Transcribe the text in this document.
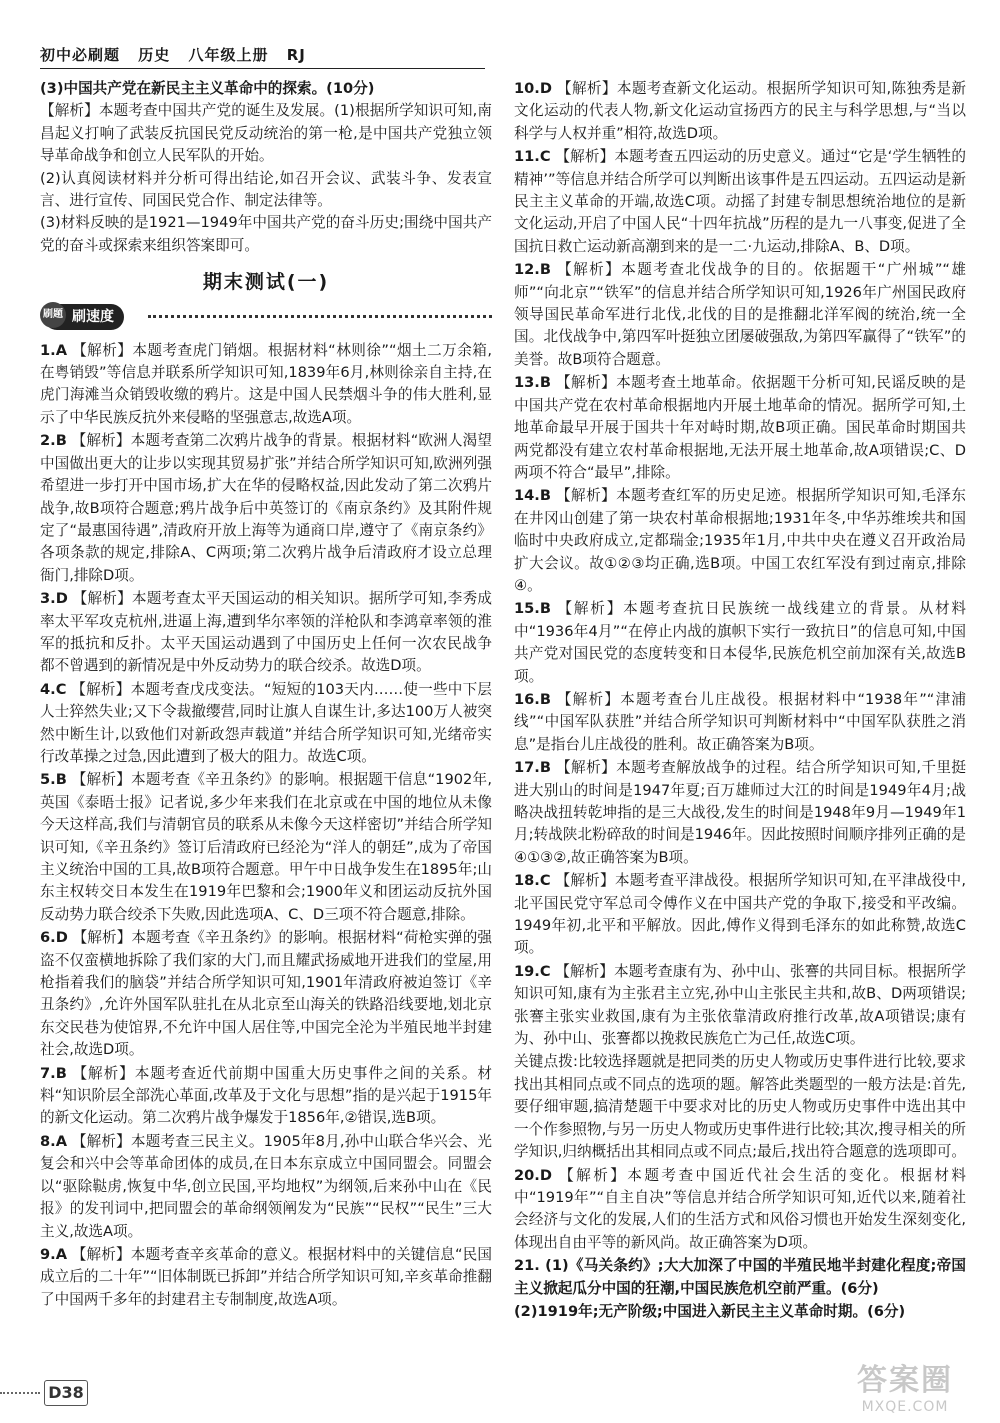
初中必刷题 历史 八年级上册 RJ

(3)中国共产党在新民主主义革命中的探索。(10分)

【解析】本题考查中国共产党的诞生及发展。(1)根据所学知识可知,南昌起义打响了武装反抗国民党反动统治的第一枪,是中国共产党独立领导革命战争和创立人民军队的开始。

(2)认真阅读材料并分析可得出结论,如召开会议、武装斗争、发表宣言、进行宣传、同国民党合作、制定法律等。

(3)材料反映的是1921—1949年中国共产党的奋斗历史;围绕中国共产党的奋斗或探索来组织答案即可。

期末测试(一)
刷速度
刷题

1.A 【解析】本题考查虎门销烟。根据材料“林则徐”“烟土二万余箱,在粤销毁”等信息并联系所学知识可知,1839年6月,林则徐亲自主持,在虎门海滩当众销毁收缴的鸦片。这是中国人民禁烟斗争的伟大胜利,显示了中华民族反抗外来侵略的坚强意志,故选A项。

2.B 【解析】本题考查第二次鸦片战争的背景。根据材料“欧洲人渴望中国做出更大的让步以实现其贸易扩张”并结合所学知识可知,欧洲列强希望进一步打开中国市场,扩大在华的侵略权益,因此发动了第二次鸦片战争,故B项符合题意;鸦片战争后中英签订的《南京条约》及其附件规定了“最惠国待遇”,清政府开放上海等为通商口岸,遵守了《南京条约》各项条款的规定,排除A、C两项;第二次鸦片战争后清政府才设立总理衙门,排除D项。

3.D 【解析】本题考查太平天国运动的相关知识。据所学可知,李秀成率太平军攻克杭州,进逼上海,遭到华尔率领的洋枪队和李鸿章率领的淮军的抵抗和反扑。太平天国运动遇到了中国历史上任何一次农民战争都不曾遇到的新情况是中外反动势力的联合绞杀。故选D项。

4.C 【解析】本题考查戊戌变法。“短短的103天内……使一些中下层人士猝然失业;又下令裁撤缨营,同时让旗人自谋生计,多达100万人被突然中断生计,以致他们对新政怨声载道”并结合所学知识可知,光绪帝实行改革操之过急,因此遭到了极大的阻力。故选C项。

5.B 【解析】本题考查《辛丑条约》的影响。根据题干信息“1902年,英国《泰晤士报》记者说,多少年来我们在北京或在中国的地位从未像今天这样高,我们与清朝官员的联系从未像今天这样密切”并结合所学知识可知,《辛丑条约》签订后清政府已经沦为“洋人的朝廷”,成为了帝国主义统治中国的工具,故B项符合题意。甲午中日战争发生在1895年;山东主权转交日本发生在1919年巴黎和会;1900年义和团运动反抗外国反动势力联合绞杀下失败,因此选项A、C、D三项不符合题意,排除。

6.D 【解析】本题考查《辛丑条约》的影响。根据材料“荷枪实弹的强盗不仅蛮横地拆除了我们家的大门,而且耀武扬威地开进我们的堂屋,用枪指着我们的脑袋”并结合所学知识可知,1901年清政府被迫签订《辛丑条约》,允许外国军队驻扎在从北京至山海关的铁路沿线要地,划北京东交民巷为使馆界,不允许中国人居住等,中国完全沦为半殖民地半封建社会,故选D项。

7.B 【解析】本题考查近代前期中国重大历史事件之间的关系。材料“知识阶层全部洗心革面,改革及于文化与思想”指的是兴起于1915年的新文化运动。第二次鸦片战争爆发于1856年,②错误,选B项。

8.A 【解析】本题考查三民主义。1905年8月,孙中山联合华兴会、光复会和兴中会等革命团体的成员,在日本东京成立中国同盟会。同盟会以“驱除鞑虏,恢复中华,创立民国,平均地权”为纲领,后来孙中山在《民报》的发刊词中,把同盟会的革命纲领阐发为“民族”“民权”“民生”三大主义,故选A项。

9.A 【解析】本题考查辛亥革命的意义。根据材料中的关键信息“民国成立后的二十年”“旧体制既已拆卸”并结合所学知识可知,辛亥革命推翻了中国两千多年的封建君主专制制度,故选A项。

10.D 【解析】本题考查新文化运动。根据所学知识可知,陈独秀是新文化运动的代表人物,新文化运动宣扬西方的民主与科学思想,与“当以科学与人权并重”相符,故选D项。

11.C 【解析】本题考查五四运动的历史意义。通过“它是‘学生牺牲的精神’”等信息并结合所学可以判断出该事件是五四运动。五四运动是新民主主义革命的开端,故选C项。动摇了封建专制思想统治地位的是新文化运动,开启了中国人民“十四年抗战”历程的是九一八事变,促进了全国抗日救亡运动新高潮到来的是一二·九运动,排除A、B、D项。

12.B 【解析】本题考查北伐战争的目的。依据题干“广州城”“雄师”“向北京”“铁军”的信息并结合所学知识可知,1926年广州国民政府领导国民革命军进行北伐,北伐的目的是推翻北洋军阀的统治,统一全国。北伐战争中,第四军叶挺独立团屡破强敌,为第四军赢得了“铁军”的美誉。故B项符合题意。

13.B 【解析】本题考查土地革命。依据题干分析可知,民谣反映的是中国共产党在农村革命根据地内开展土地革命的情况。据所学可知,土地革命最早开展于国共十年对峙时期,故B项正确。国民革命时期国共两党都没有建立农村革命根据地,无法开展土地革命,故A项错误;C、D两项不符合“最早”,排除。

14.B 【解析】本题考查红军的历史足迹。根据所学知识可知,毛泽东在井冈山创建了第一块农村革命根据地;1931年冬,中华苏维埃共和国临时中央政府成立,定都瑞金;1935年1月,中共中央在遵义召开政治局扩大会议。故①②③均正确,选B项。中国工农红军没有到过南京,排除④。

15.B 【解析】本题考查抗日民族统一战线建立的背景。从材料中“1936年4月”“在停止内战的旗帜下实行一致抗日”的信息可知,中国共产党对国民党的态度转变和日本侵华,民族危机空前加深有关,故选B项。

16.B 【解析】本题考查台儿庄战役。根据材料中“1938年”“津浦线”“中国军队获胜”并结合所学知识可判断材料中“中国军队获胜之消息”是指台儿庄战役的胜利。故正确答案为B项。

17.B 【解析】本题考查解放战争的过程。结合所学知识可知,千里挺进大别山的时间是1947年夏;百万雄师过大江的时间是1949年4月;战略决战扭转乾坤指的是三大战役,发生的时间是1948年9月—1949年1月;转战陕北粉碎敌的时间是1946年。因此按照时间顺序排列正确的是④①③②,故正确答案为B项。

18.C 【解析】本题考查平津战役。根据所学知识可知,在平津战役中,北平国民党守军总司令傅作义在中国共产党的争取下,接受和平改编。1949年初,北平和平解放。因此,傅作义得到毛泽东的如此称赞,故选C项。

19.C 【解析】本题考查康有为、孙中山、张謇的共同目标。根据所学知识可知,康有为主张君主立宪,孙中山主张民主共和,故B、D两项错误;张謇主张实业救国,康有为主张依靠清政府推行改革,故A项错误;康有为、孙中山、张謇都以挽救民族危亡为己任,故选C项。

关键点拨:比较选择题就是把同类的历史人物或历史事件进行比较,要求找出其相同点或不同点的选项的题。解答此类题型的一般方法是:首先,要仔细审题,搞清楚题干中要求对比的历史人物或历史事件中选出其中一个作参照物,与另一历史人物或历史事件进行比较;其次,搜寻相关的所学知识,归纳概括出其相同点或不同点;最后,找出符合题意的选项即可。

20.D 【解析】本题考查中国近代社会生活的变化。根据材料中“1919年”“自主自决”等信息并结合所学知识可知,近代以来,随着社会经济与文化的发展,人们的生活方式和风俗习惯也开始发生深刻变化,体现出自由平等的新风尚。故正确答案为D项。

21. (1)《马关条约》;大大加深了中国的半殖民地半封建化程度;帝国主义掀起瓜分中国的狂潮,中国民族危机空前严重。(6分)

(2)1919年;无产阶级;中国进入新民主主义革命时期。(6分)

D38	答案圈
MXQE.COM
